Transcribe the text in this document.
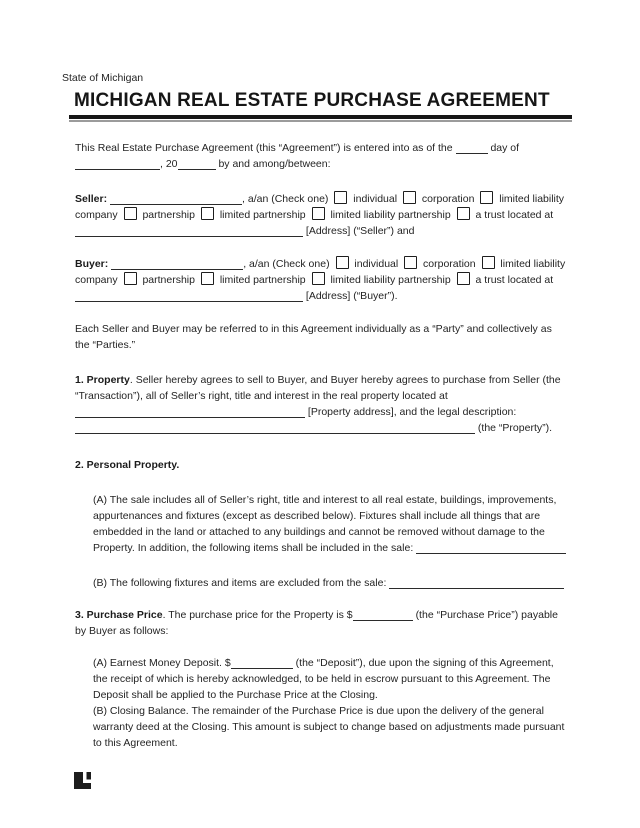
State of Michigan
MICHIGAN REAL ESTATE PURCHASE AGREEMENT

This Real Estate Purchase Agreement (this “Agreement”) is entered into as of the	day of , 20	by and among/between:

Seller:	, a/an (Check one) individual corporation limited liability company partnership limited partnership limited liability partnership a trust located at  [Address] (“Seller”) and

Buyer:	, a/an (Check one) individual corporation limited liability company partnership limited partnership limited liability partnership a trust located at  [Address] (“Buyer”).

Each Seller and Buyer may be referred to in this Agreement individually as a “Party” and collectively as the “Parties.”

1. Property. Seller hereby agrees to sell to Buyer, and Buyer hereby agrees to purchase from Seller (the “Transaction”), all of Seller’s right, title and interest in the real property located at  [Property address], and the legal description:  (the “Property”).

2. Personal Property.

(A) The sale includes all of Seller’s right, title and interest to all real estate, buildings, improvements, appurtenances and fixtures (except as described below). Fixtures shall include all things that are embedded in the land or attached to any buildings and cannot be removed without damage to the Property. In addition, the following items shall be included in the sale:

(B) The following fixtures and items are excluded from the sale:

3. Purchase Price. The purchase price for the Property is $	(the “Purchase Price”) payable by Buyer as follows:

(A) Earnest Money Deposit. $	(the “Deposit”), due upon the signing of this Agreement, the receipt of which is hereby acknowledged, to be held in escrow pursuant to this Agreement. The Deposit shall be applied to the Purchase Price at the Closing.
(B) Closing Balance. The remainder of the Purchase Price is due upon the delivery of the general warranty deed at the Closing. This amount is subject to change based on adjustments made pursuant to this Agreement.
